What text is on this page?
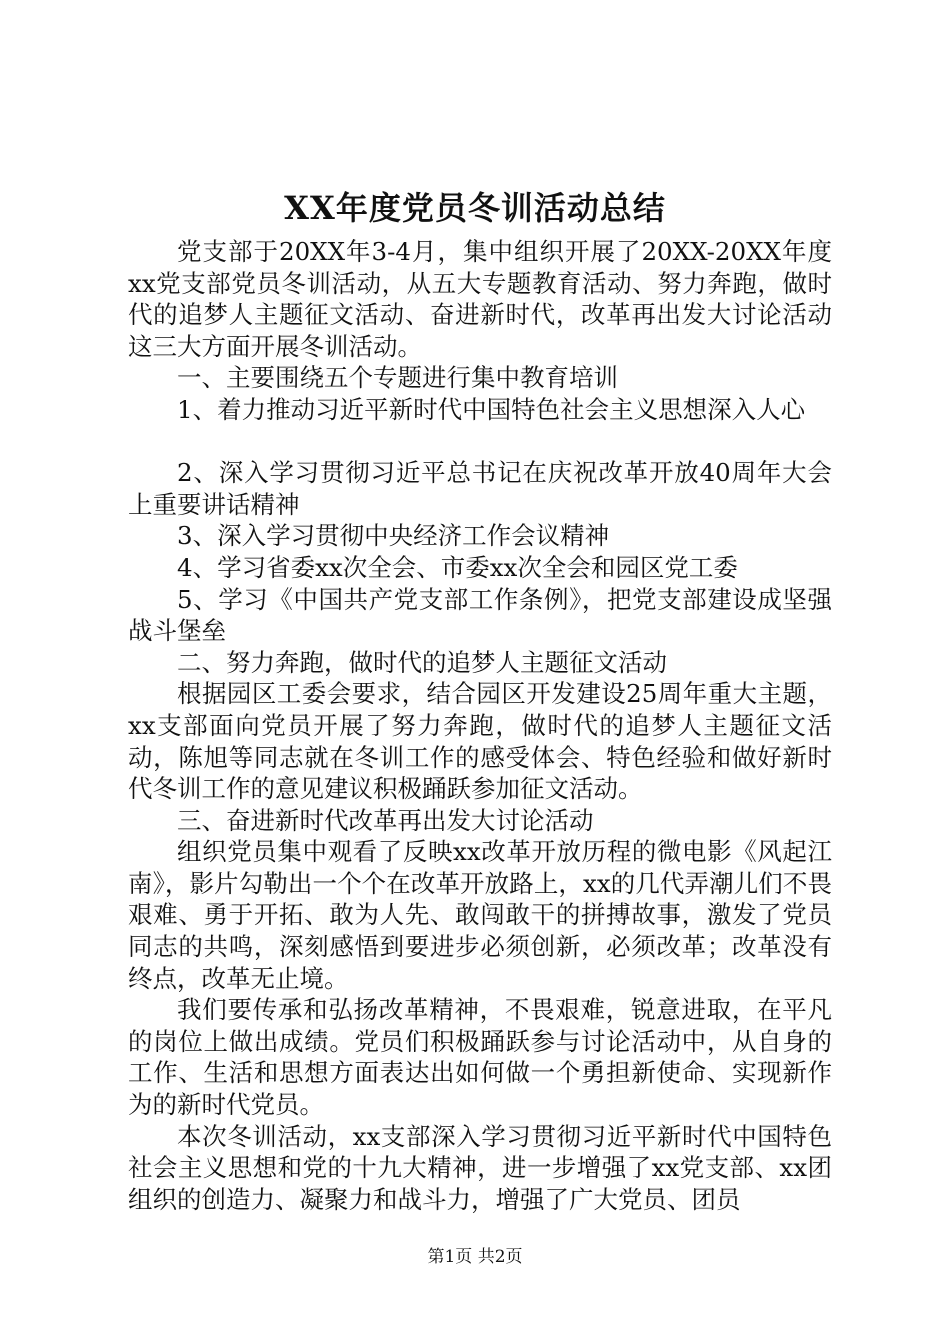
XX年度党员冬训活动总结

党支部于20XX年3-4月，集中组织开展了20XX-20XX年度xx党支部党员冬训活动，从五大专题教育活动、努力奔跑，做时代的追梦人主题征文活动、奋进新时代，改革再出发大讨论活动这三大方面开展冬训活动。

一、主要围绕五个专题进行集中教育培训

1、着力推动习近平新时代中国特色社会主义思想深入人心

2、深入学习贯彻习近平总书记在庆祝改革开放40周年大会上重要讲话精神

3、深入学习贯彻中央经济工作会议精神

4、学习省委xx次全会、市委xx次全会和园区党工委

5、学习《中国共产党支部工作条例》，把党支部建设成坚强战斗堡垒

二、努力奔跑，做时代的追梦人主题征文活动

根据园区工委会要求，结合园区开发建设25周年重大主题，xx支部面向党员开展了努力奔跑，做时代的追梦人主题征文活动，陈旭等同志就在冬训工作的感受体会、特色经验和做好新时代冬训工作的意见建议积极踊跃参加征文活动。

三、奋进新时代改革再出发大讨论活动

组织党员集中观看了反映xx改革开放历程的微电影《风起江南》，影片勾勒出一个个在改革开放路上，xx的几代弄潮儿们不畏艰难、勇于开拓、敢为人先、敢闯敢干的拼搏故事，激发了党员同志的共鸣，深刻感悟到要进步必须创新，必须改革；改革没有终点，改革无止境。

我们要传承和弘扬改革精神，不畏艰难，锐意进取，在平凡的岗位上做出成绩。党员们积极踊跃参与讨论活动中，从自身的工作、生活和思想方面表达出如何做一个勇担新使命、实现新作为的新时代党员。

本次冬训活动，xx支部深入学习贯彻习近平新时代中国特色社会主义思想和党的十九大精神，进一步增强了xx党支部、xx团组织的创造力、凝聚力和战斗力，增强了广大党员、团员

第1页 共2页
